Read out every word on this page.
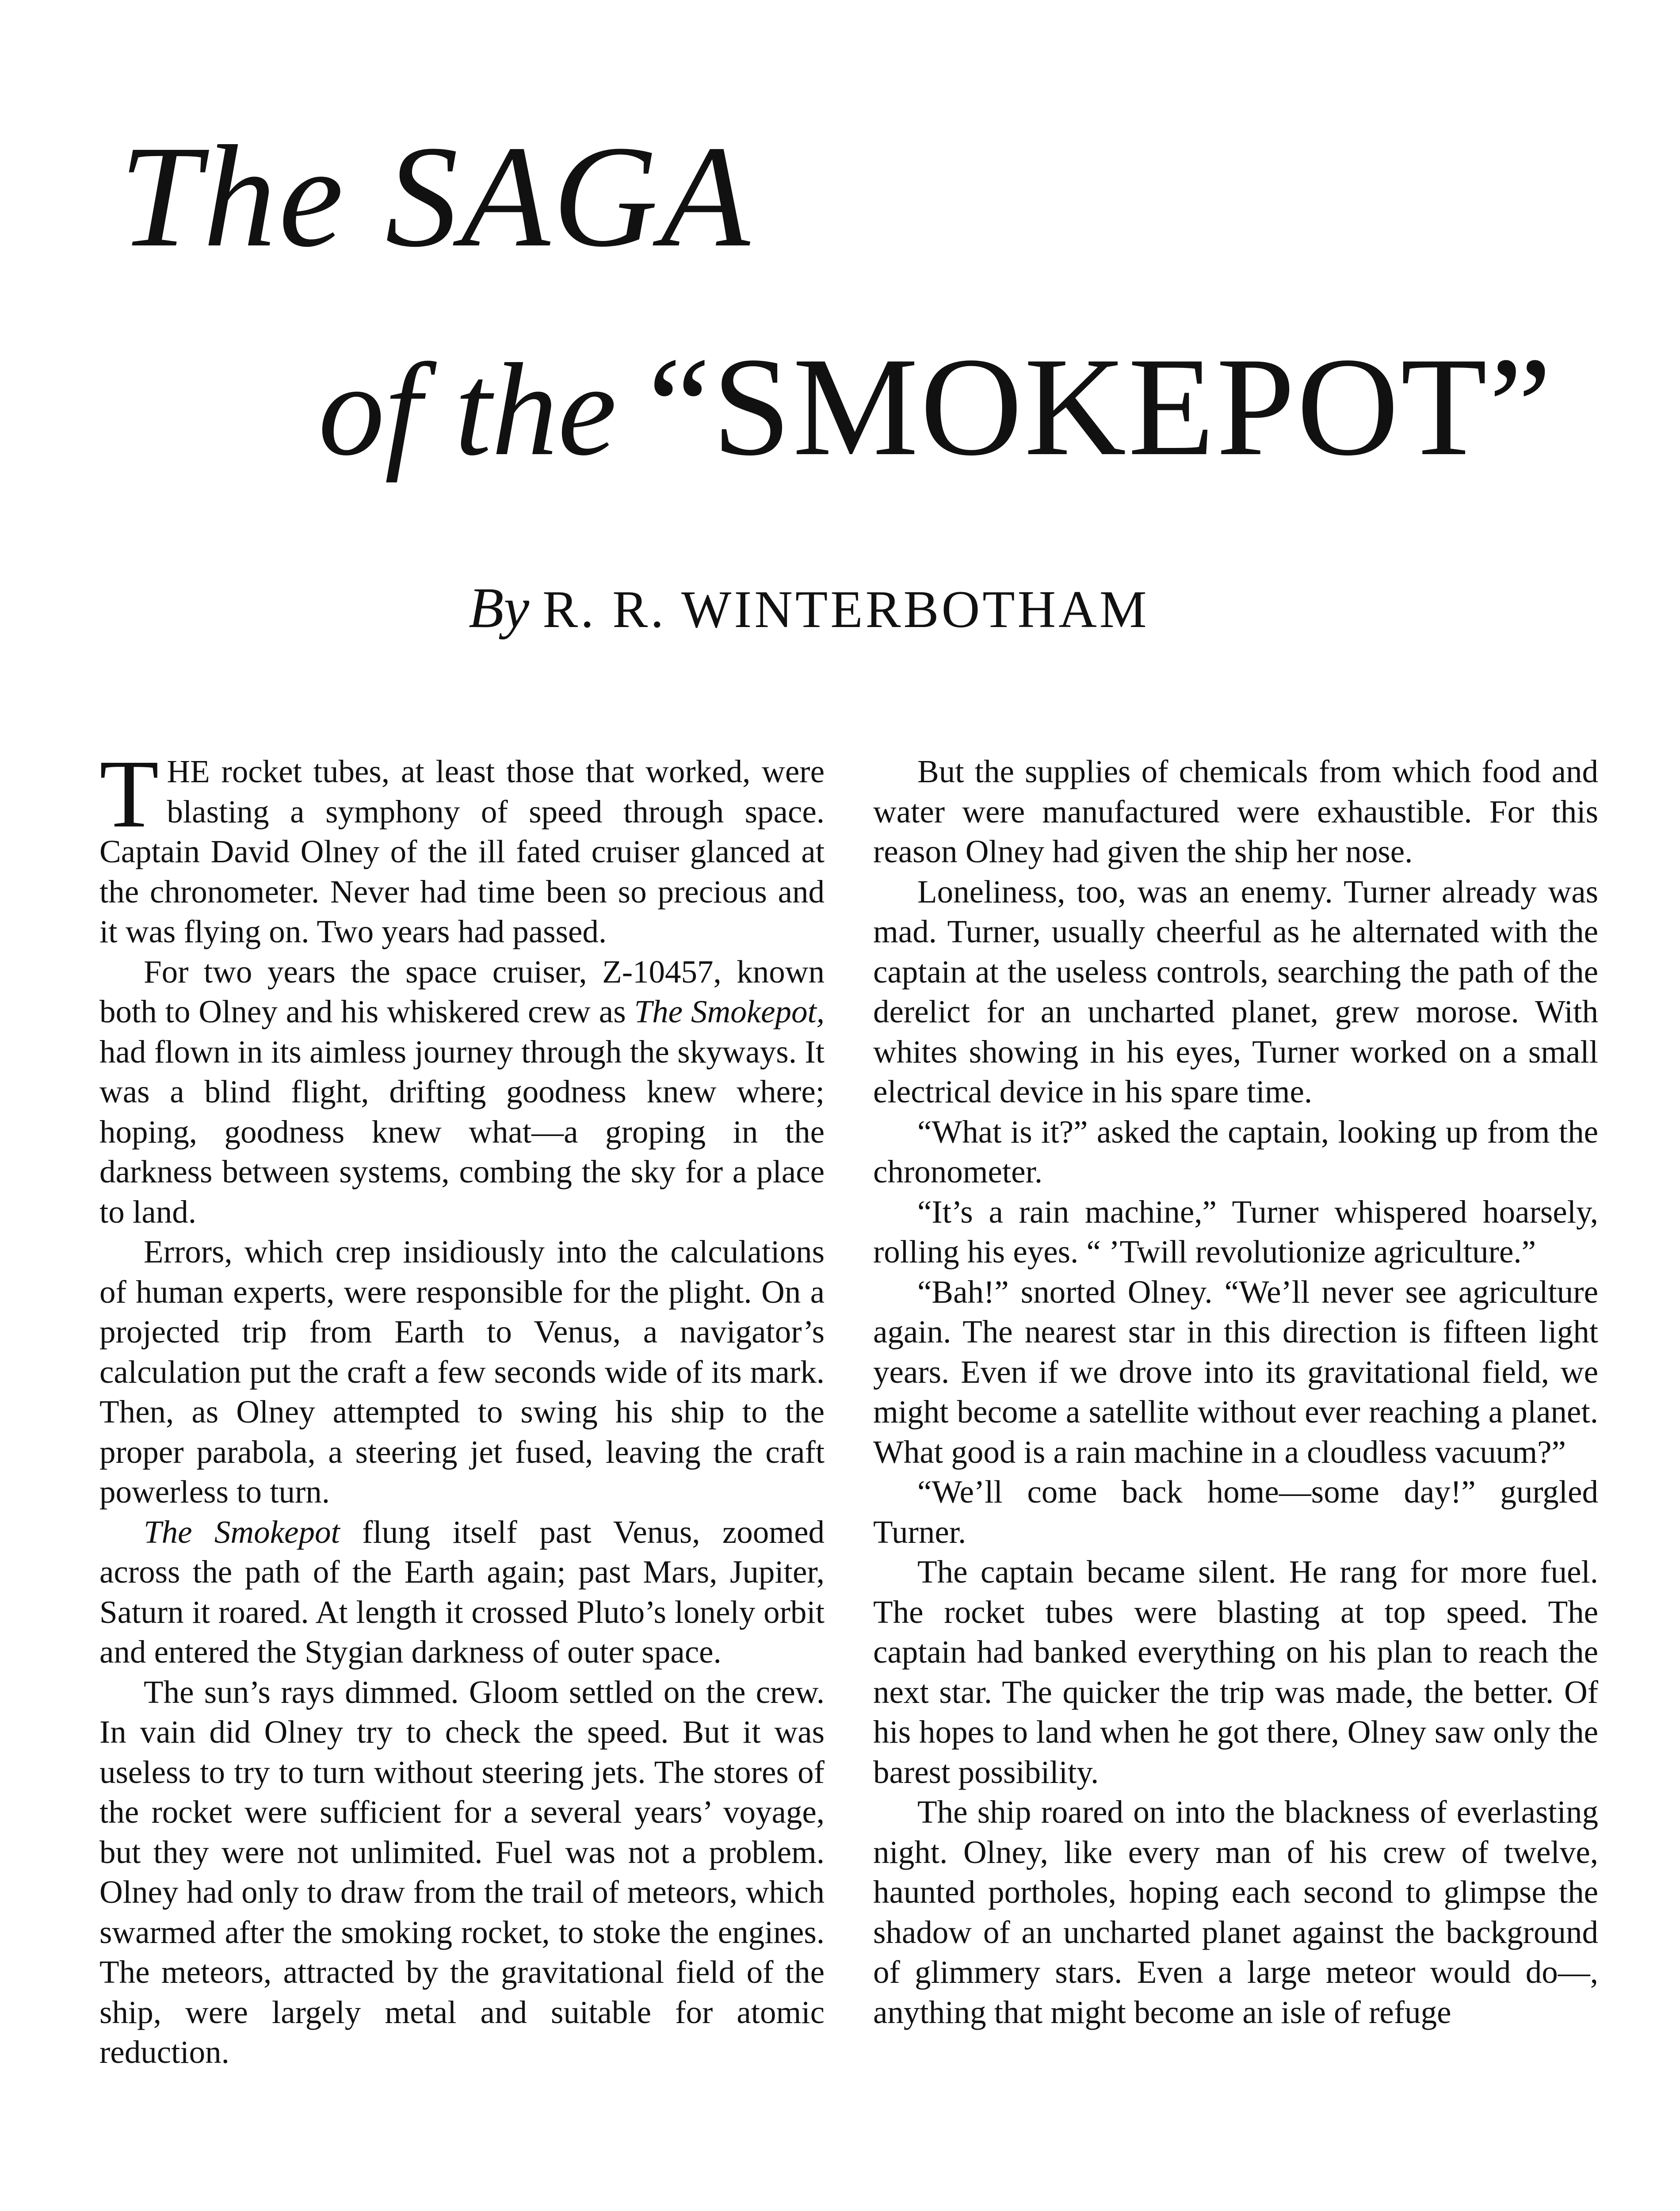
The SAGA
of the “SMOKEPOT”
By R. R. WINTERBOTHAM

THE rocket tubes, at least those that worked, were blasting a symphony of speed through space. Captain David Olney of the ill fated cruiser glanced at the chronometer. Never had time been so precious and it was flying on. Two years had passed.

For two years the space cruiser, Z-10457, known both to Olney and his whiskered crew as The Smokepot, had flown in its aimless journey through the skyways. It was a blind flight, drifting goodness knew where; hoping, goodness knew what—a groping in the darkness between systems, combing the sky for a place to land.

Errors, which crep insidiously into the calculations of human experts, were responsible for the plight. On a projected trip from Earth to Venus, a navigator’s calculation put the craft a few seconds wide of its mark. Then, as Olney attempted to swing his ship to the proper parabola, a steering jet fused, leaving the craft powerless to turn.

The Smokepot flung itself past Venus, zoomed across the path of the Earth again; past Mars, Jupiter, Saturn it roared. At length it crossed Pluto’s lonely orbit and entered the Stygian darkness of outer space.

The sun’s rays dimmed. Gloom settled on the crew. In vain did Olney try to check the speed. But it was useless to try to turn without steering jets. The stores of the rocket were sufficient for a several years’ voyage, but they were not unlimited. Fuel was not a problem. Olney had only to draw from the trail of meteors, which swarmed after the smoking rocket, to stoke the engines. The meteors, attracted by the gravitational field of the ship, were largely metal and suitable for atomic reduction.

But the supplies of chemicals from which food and water were manufactured were exhaustible. For this reason Olney had given the ship her nose.

Loneliness, too, was an enemy. Turner already was mad. Turner, usually cheerful as he alternated with the captain at the useless controls, searching the path of the derelict for an uncharted planet, grew morose. With whites showing in his eyes, Turner worked on a small electrical device in his spare time.

“What is it?” asked the captain, looking up from the chronometer.

“It’s a rain machine,” Turner whispered hoarsely, rolling his eyes. “ ’Twill revolutionize agriculture.”

“Bah!” snorted Olney. “We’ll never see agriculture again. The nearest star in this direction is fifteen light years. Even if we drove into its gravitational field, we might become a satellite without ever reaching a planet. What good is a rain machine in a cloudless vacuum?”

“We’ll come back home—some day!” gurgled Turner.

The captain became silent. He rang for more fuel. The rocket tubes were blasting at top speed. The captain had banked everything on his plan to reach the next star. The quicker the trip was made, the better. Of his hopes to land when he got there, Olney saw only the barest possibility.

The ship roared on into the blackness of everlasting night. Olney, like every man of his crew of twelve, haunted portholes, hoping each second to glimpse the shadow of an uncharted planet against the background of glimmery stars. Even a large meteor would do—, anything that might become an isle of refuge
